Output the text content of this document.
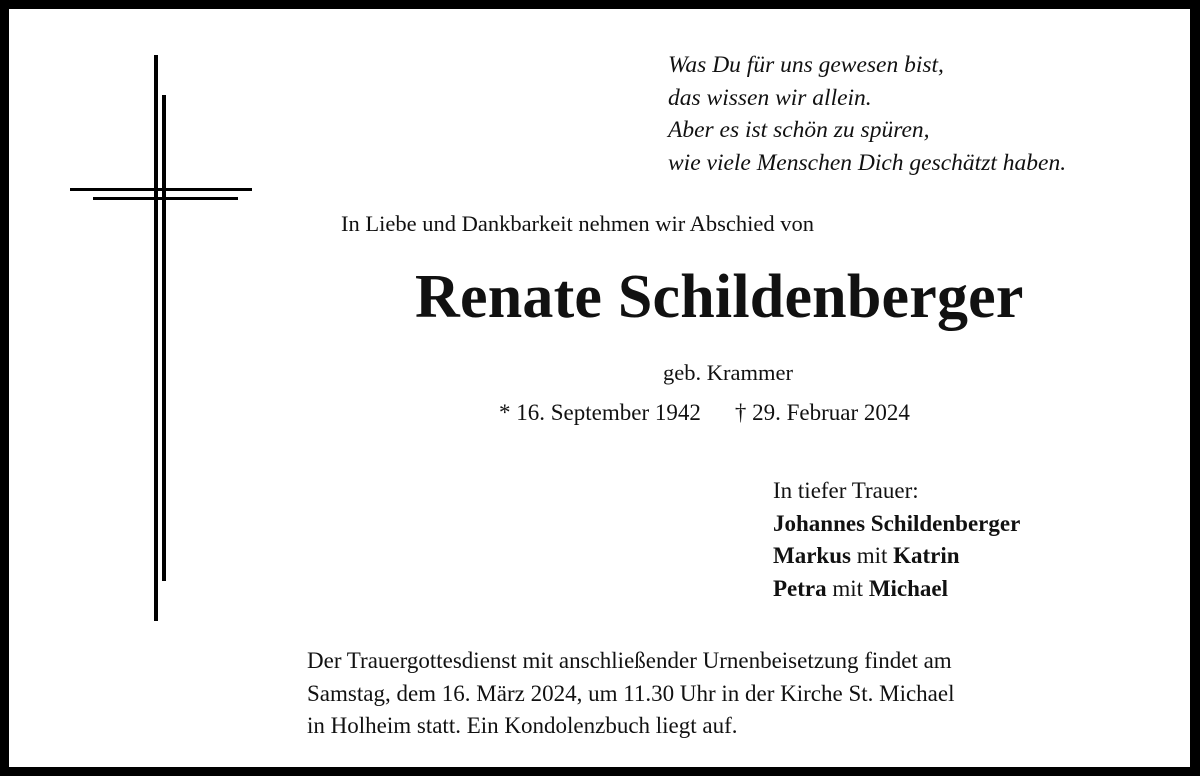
Was Du für uns gewesen bist,
das wissen wir allein.
Aber es ist schön zu spüren,
wie viele Menschen Dich geschätzt haben.
In Liebe und Dankbarkeit nehmen wir Abschied von
Renate Schildenberger
geb. Krammer
* 16. September 1942 † 29. Februar 2024
In tiefer Trauer:
Johannes Schildenberger
Markus mit Katrin
Petra mit Michael
Der Trauergottesdienst mit anschließender Urnenbeisetzung findet am
Samstag, dem 16. März 2024, um 11.30 Uhr in der Kirche St. Michael
in Holheim statt. Ein Kondolenzbuch liegt auf.
